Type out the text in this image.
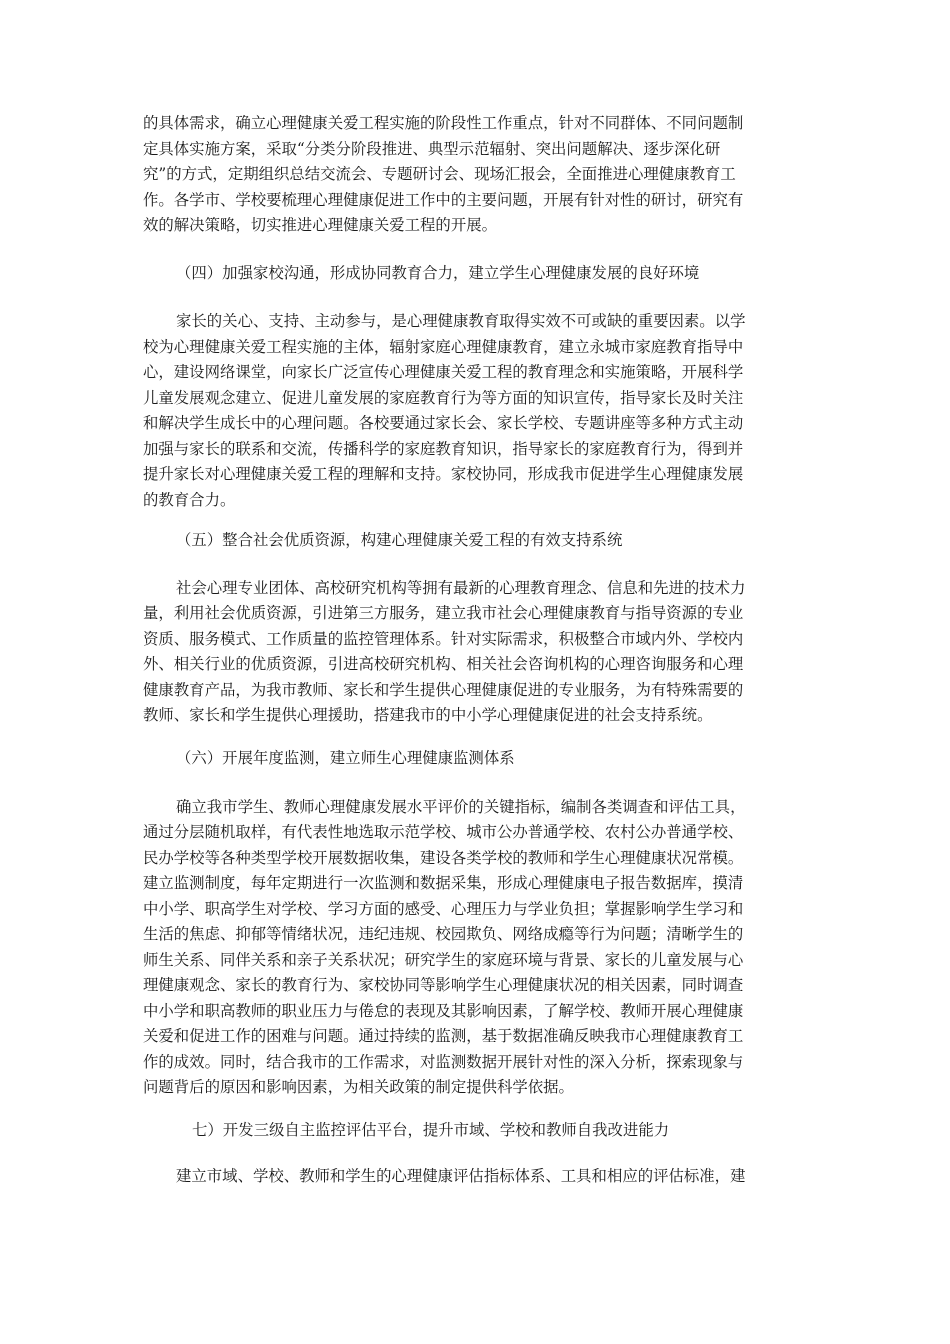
的具体需求，确立心理健康关爱工程实施的阶段性工作重点，针对不同群体、不同问题制
定具体实施方案，采取“分类分阶段推进、典型示范辐射、突出问题解决、逐步深化研
究”的方式，定期组织总结交流会、专题研讨会、现场汇报会，全面推进心理健康教育工
作。各学市、学校要梳理心理健康促进工作中的主要问题，开展有针对性的研讨，研究有
效的解决策略，切实推进心理健康关爱工程的开展。
（四）加强家校沟通，形成协同教育合力，建立学生心理健康发展的良好环境
家长的关心、支持、主动参与，是心理健康教育取得实效不可或缺的重要因素。以学
校为心理健康关爱工程实施的主体，辐射家庭心理健康教育，建立永城市家庭教育指导中
心，建设网络课堂，向家长广泛宣传心理健康关爱工程的教育理念和实施策略，开展科学
儿童发展观念建立、促进儿童发展的家庭教育行为等方面的知识宣传，指导家长及时关注
和解决学生成长中的心理问题。各校要通过家长会、家长学校、专题讲座等多种方式主动
加强与家长的联系和交流，传播科学的家庭教育知识，指导家长的家庭教育行为，得到并
提升家长对心理健康关爱工程的理解和支持。家校协同，形成我市促进学生心理健康发展
的教育合力。
（五）整合社会优质资源，构建心理健康关爱工程的有效支持系统
社会心理专业团体、高校研究机构等拥有最新的心理教育理念、信息和先进的技术力
量，利用社会优质资源，引进第三方服务，建立我市社会心理健康教育与指导资源的专业
资质、服务模式、工作质量的监控管理体系。针对实际需求，积极整合市域内外、学校内
外、相关行业的优质资源，引进高校研究机构、相关社会咨询机构的心理咨询服务和心理
健康教育产品，为我市教师、家长和学生提供心理健康促进的专业服务，为有特殊需要的
教师、家长和学生提供心理援助，搭建我市的中小学心理健康促进的社会支持系统。
（六）开展年度监测，建立师生心理健康监测体系
确立我市学生、教师心理健康发展水平评价的关键指标，编制各类调查和评估工具，
通过分层随机取样，有代表性地选取示范学校、城市公办普通学校、农村公办普通学校、
民办学校等各种类型学校开展数据收集，建设各类学校的教师和学生心理健康状况常模。
建立监测制度，每年定期进行一次监测和数据采集，形成心理健康电子报告数据库，摸清
中小学、职高学生对学校、学习方面的感受、心理压力与学业负担；掌握影响学生学习和
生活的焦虑、抑郁等情绪状况，违纪违规、校园欺负、网络成瘾等行为问题；清晰学生的
师生关系、同伴关系和亲子关系状况；研究学生的家庭环境与背景、家长的儿童发展与心
理健康观念、家长的教育行为、家校协同等影响学生心理健康状况的相关因素，同时调查
中小学和职高教师的职业压力与倦怠的表现及其影响因素，了解学校、教师开展心理健康
关爱和促进工作的困难与问题。通过持续的监测，基于数据准确反映我市心理健康教育工
作的成效。同时，结合我市的工作需求，对监测数据开展针对性的深入分析，探索现象与
问题背后的原因和影响因素，为相关政策的制定提供科学依据。
七）开发三级自主监控评估平台，提升市域、学校和教师自我改进能力
建立市域、学校、教师和学生的心理健康评估指标体系、工具和相应的评估标准，建
